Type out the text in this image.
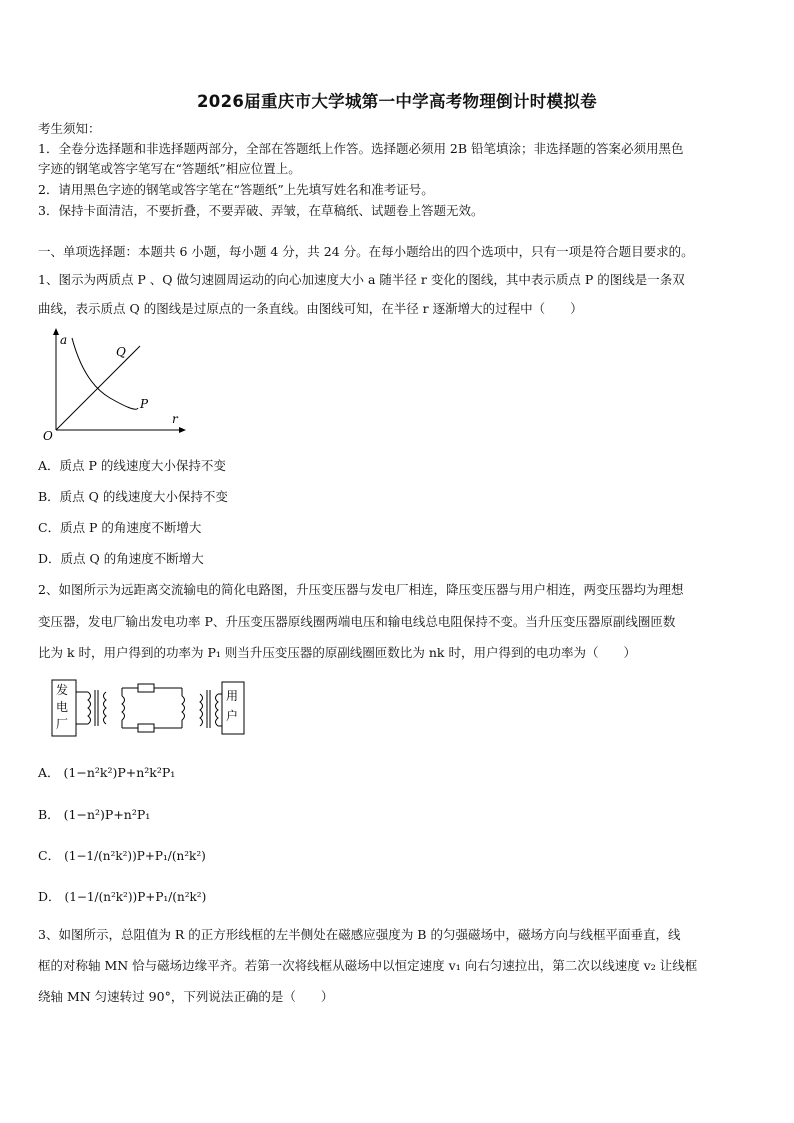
2026届重庆市大学城第一中学高考物理倒计时模拟卷
考生须知：
1．全卷分选择题和非选择题两部分，全部在答题纸上作答。选择题必须用 2B 铅笔填涂；非选择题的答案必须用黑色
字迹的钢笔或答字笔写在“答题纸”相应位置上。
2．请用黑色字迹的钢笔或答字笔在“答题纸”上先填写姓名和准考证号。
3．保持卡面清洁，不要折叠，不要弄破、弄皱，在草稿纸、试题卷上答题无效。
一、单项选择题：本题共 6 小题，每小题 4 分，共 24 分。在每小题给出的四个选项中，只有一项是符合题目要求的。
1、图示为两质点 P 、Q 做匀速圆周运动的向心加速度大小 a 随半径 r 变化的图线，其中表示质点 P 的图线是一条双
曲线，表示质点 Q 的图线是过原点的一条直线。由图线可知，在半径 r 逐渐增大的过程中（　　）
a
r
O
Q
P
A．质点 P 的线速度大小保持不变
B．质点 Q 的线速度大小保持不变
C．质点 P 的角速度不断增大
D．质点 Q 的角速度不断增大
2、如图所示为远距离交流输电的简化电路图，升压变压器与发电厂相连，降压变压器与用户相连，两变压器均为理想
变压器，发电厂输出发电功率 P、升压变压器原线圈两端电压和输电线总电阻保持不变。当升压变压器原副线圈匝数
比为 k 时，用户得到的功率为 P₁ 则当升压变压器的原副线圈匝数比为 nk 时，用户得到的电功率为（　　）
发
电
厂
用
户
A． (1−n²k²)P+n²k²P₁
B． (1−n²)P+n²P₁
C． (1−1/(n²k²))P+P₁/(n²k²)
D． (1−1/(n²k²))P+P₁/(n²k²)
3、如图所示，总阻值为 R 的正方形线框的左半侧处在磁感应强度为 B 的匀强磁场中，磁场方向与线框平面垂直，线
框的对称轴 MN 恰与磁场边缘平齐。若第一次将线框从磁场中以恒定速度 v₁ 向右匀速拉出，第二次以线速度 v₂ 让线框
绕轴 MN 匀速转过 90°，下列说法正确的是（　　）
